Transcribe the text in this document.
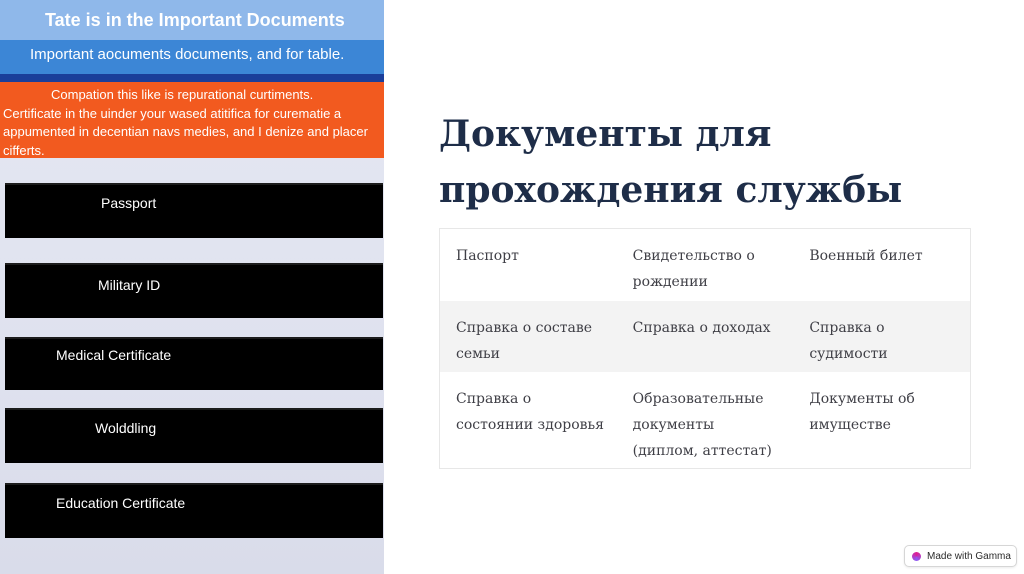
Tate is in the Important Documents
Important aocuments documents, and for table.
Compation this like is repurational curtiments.
Certificate in the uinder your wased atitifica for curematie a
appumented in decentian navs medies, and I denize and placer
cifferts.
Passport
Military ID
Medical Certificate
Wolddling
Education Certificate
Документы для
прохождения службы
Паспорт	Свидетельство о рождении
Военный билет
Справка о составе семьи
Справка о доходах	Справка о судимости
Справка о состоянии здоровья
Образовательные документы (диплом, аттестат)
Документы об имуществе
Made with Gamma
